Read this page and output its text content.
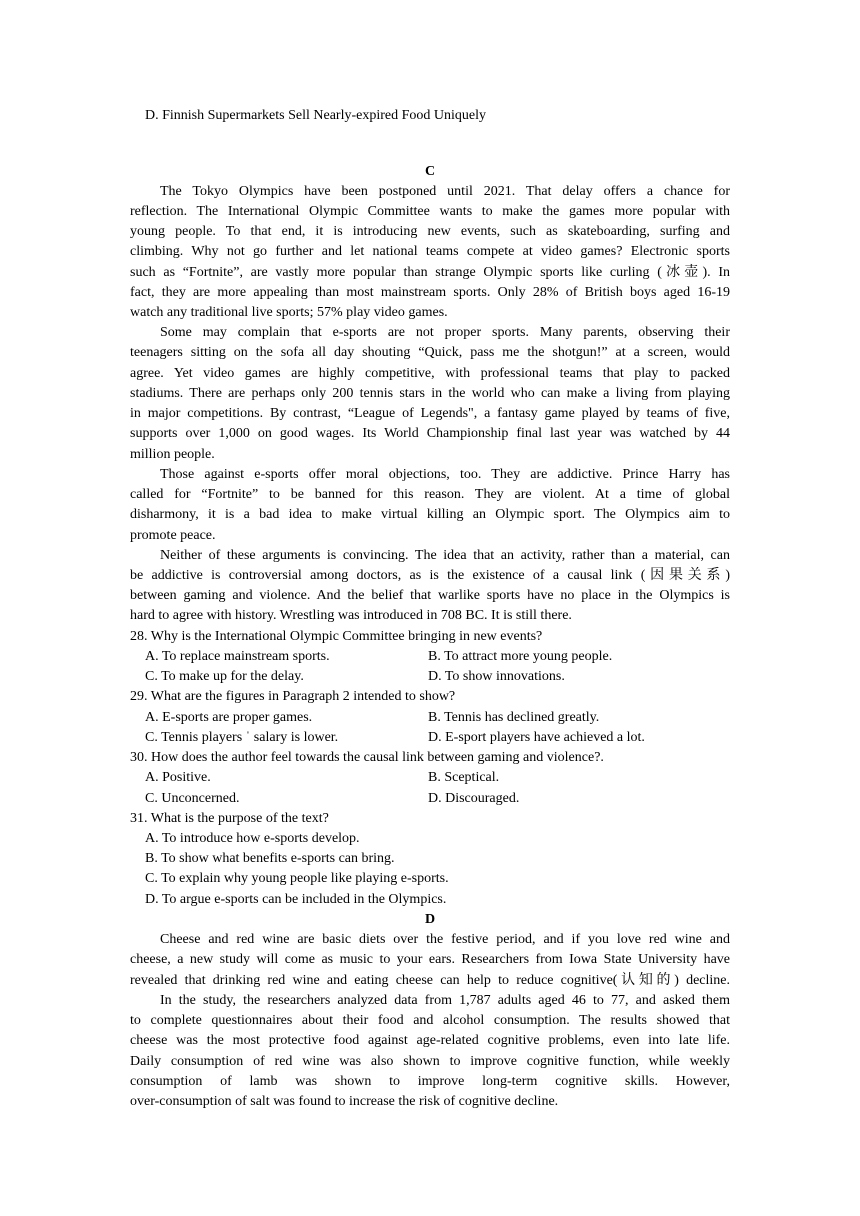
D. Finnish Supermarkets Sell Nearly-expired Food Uniquely
C
The Tokyo Olympics have been postponed until 2021. That delay offers a chance for
reflection. The International Olympic Committee wants to make the games more popular with
young people. To that end, it is introducing new events, such as skateboarding, surfing and
climbing. Why not go further and let national teams compete at video games? Electronic sports
such as “Fortnite”, are vastly more popular than strange Olympic sports like curling (冰壶). In
fact, they are more appealing than most mainstream sports. Only 28% of British boys aged 16-19
watch any traditional live sports; 57% play video games.
Some may complain that e-sports are not proper sports. Many parents, observing their
teenagers sitting on the sofa all day shouting “Quick, pass me the shotgun!” at a screen, would
agree. Yet video games are highly competitive, with professional teams that play to packed
stadiums. There are perhaps only 200 tennis stars in the world who can make a living from playing
in major competitions. By contrast, “League of Legends", a fantasy game played by teams of five,
supports over 1,000 on good wages. Its World Championship final last year was watched by 44
million people.
Those against e-sports offer moral objections, too. They are addictive. Prince Harry has
called for “Fortnite” to be banned for this reason. They are violent. At a time of global
disharmony, it is a bad idea to make virtual killing an Olympic sport. The Olympics aim to
promote peace.
Neither of these arguments is convincing. The idea that an activity, rather than a material, can
be addictive is controversial among doctors, as is the existence of a causal link (因果关系)
between gaming and violence. And the belief that warlike sports have no place in the Olympics is
hard to agree with history. Wrestling was introduced in 708 BC. It is still there.
28. Why is the International Olympic Committee bringing in new events?
A. To replace mainstream sports.	B. To attract more young people.
C. To make up for the delay.	D. To show innovations.
29. What are the figures in Paragraph 2 intended to show?
A. E-sports are proper games.	B. Tennis has declined greatly.
C. Tennis players ˈ salary is lower.	D. E-sport players have achieved a lot.
30. How does the author feel towards the causal link between gaming and violence?.
A. Positive.	B. Sceptical.
C. Unconcerned.	D. Discouraged.
31. What is the purpose of the text?
A. To introduce how e-sports develop.
B. To show what benefits e-sports can bring.
C. To explain why young people like playing e-sports.
D. To argue e-sports can be included in the Olympics.
D
Cheese and red wine are basic diets over the festive period, and if you love red wine and
cheese, a new study will come as music to your ears. Researchers from Iowa State University have
revealed that drinking red wine and eating cheese can help to reduce cognitive(认知的) decline.
In the study, the researchers analyzed data from 1,787 adults aged 46 to 77, and asked them
to complete questionnaires about their food and alcohol consumption. The results showed that
cheese was the most protective food against age-related cognitive problems, even into late life.
Daily consumption of red wine was also shown to improve cognitive function, while weekly
consumption of lamb was shown to improve long-term cognitive skills. However,
over-consumption of salt was found to increase the risk of cognitive decline.
